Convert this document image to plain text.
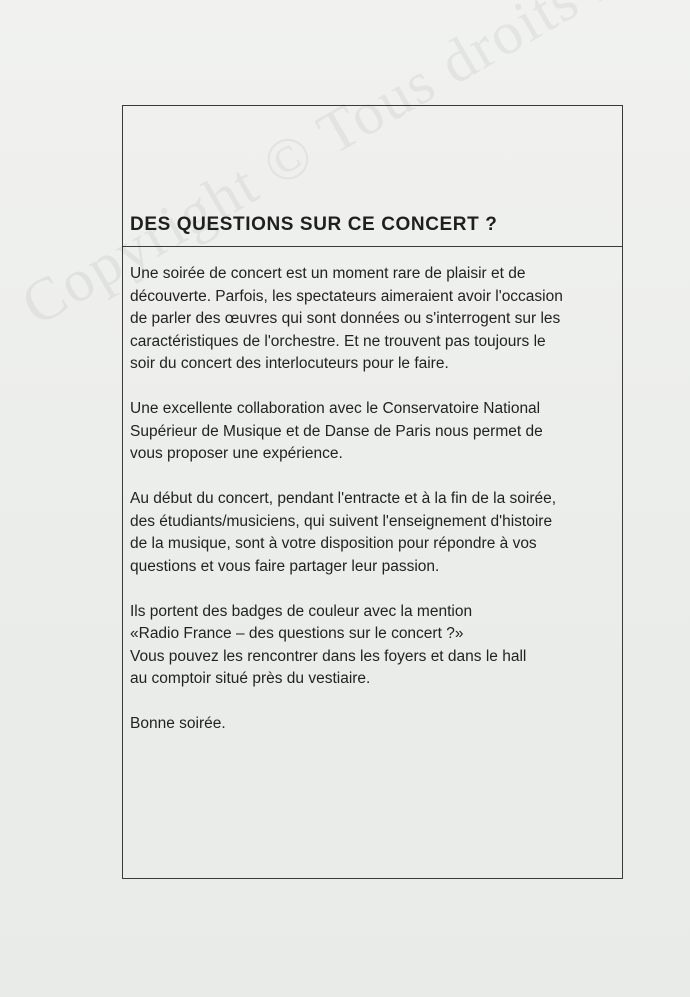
DES QUESTIONS SUR CE CONCERT ?

Une soirée de concert est un moment rare de plaisir et de
découverte. Parfois, les spectateurs aimeraient avoir l'occasion
de parler des œuvres qui sont données ou s'interrogent sur les
caractéristiques de l'orchestre. Et ne trouvent pas toujours le
soir du concert des interlocuteurs pour le faire.

Une excellente collaboration avec le Conservatoire National
Supérieur de Musique et de Danse de Paris nous permet de
vous proposer une expérience.

Au début du concert, pendant l'entracte et à la fin de la soirée,
des étudiants/musiciens, qui suivent l'enseignement d'histoire
de la musique, sont à votre disposition pour répondre à vos
questions et vous faire partager leur passion.

Ils portent des badges de couleur avec la mention
«Radio France – des questions sur le concert ?»
Vous pouvez les rencontrer dans les foyers et dans le hall
au comptoir situé près du vestiaire.

Bonne soirée.
